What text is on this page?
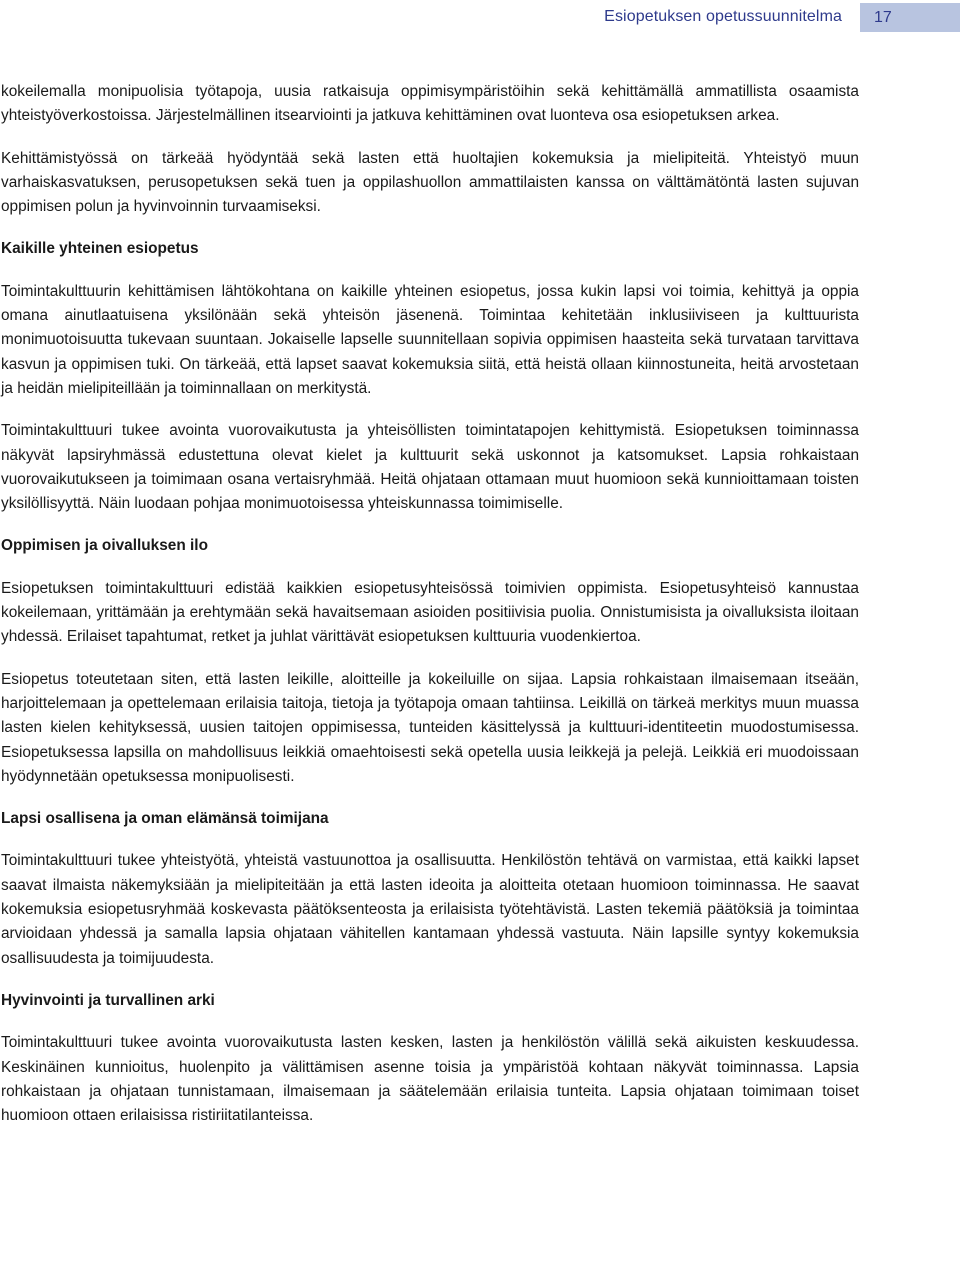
Esiopetuksen opetussuunnitelma	17

kokeilemalla monipuolisia työtapoja, uusia ratkaisuja oppimisympäristöihin sekä kehittämällä ammatillista osaamista yhteistyöverkostoissa. Järjestelmällinen itsearviointi ja jatkuva kehittäminen ovat luonteva osa esiopetuksen arkea.

Kehittämistyössä on tärkeää hyödyntää sekä lasten että huoltajien kokemuksia ja mielipiteitä. Yhteistyö muun varhaiskasvatuksen, perusopetuksen sekä tuen ja oppilashuollon ammattilaisten kanssa on välttämätöntä lasten sujuvan oppimisen polun ja hyvinvoinnin turvaamiseksi.

Kaikille yhteinen esiopetus

Toimintakulttuurin kehittämisen lähtökohtana on kaikille yhteinen esiopetus, jossa kukin lapsi voi toimia, kehittyä ja oppia omana ainutlaatuisena yksilönään sekä yhteisön jäsenenä. Toimintaa kehitetään inklusiiviseen ja kulttuurista monimuotoisuutta tukevaan suuntaan. Jokaiselle lapselle suunnitellaan sopivia oppimisen haasteita sekä turvataan tarvittava kasvun ja oppimisen tuki. On tärkeää, että lapset saavat kokemuksia siitä, että heistä ollaan kiinnostuneita, heitä arvostetaan ja heidän mielipiteillään ja toiminnallaan on merkitystä.

Toimintakulttuuri tukee avointa vuorovaikutusta ja yhteisöllisten toimintatapojen kehittymistä. Esiopetuksen toiminnassa näkyvät lapsiryhmässä edustettuna olevat kielet ja kulttuurit sekä uskonnot ja katsomukset. Lapsia rohkaistaan vuorovaikutukseen ja toimimaan osana vertaisryhmää. Heitä ohjataan ottamaan muut huomioon sekä kunnioittamaan toisten yksilöllisyyttä. Näin luodaan pohjaa monimuotoisessa yhteiskunnassa toimimiselle.

Oppimisen ja oivalluksen ilo

Esiopetuksen toimintakulttuuri edistää kaikkien esiopetusyhteisössä toimivien oppimista. Esiopetusyhteisö kannustaa kokeilemaan, yrittämään ja erehtymään sekä havaitsemaan asioiden positiivisia puolia. Onnistumisista ja oivalluksista iloitaan yhdessä. Erilaiset tapahtumat, retket ja juhlat värittävät esiopetuksen kulttuuria vuodenkiertoa.

Esiopetus toteutetaan siten, että lasten leikille, aloitteille ja kokeiluille on sijaa. Lapsia rohkaistaan ilmaisemaan itseään, harjoittelemaan ja opettelemaan erilaisia taitoja, tietoja ja työtapoja omaan tahtiinsa. Leikillä on tärkeä merkitys muun muassa lasten kielen kehityksessä, uusien taitojen oppimisessa, tunteiden käsittelyssä ja kulttuuri-identiteetin muodostumisessa. Esiopetuksessa lapsilla on mahdollisuus leikkiä omaehtoisesti sekä opetella uusia leikkejä ja pelejä. Leikkiä eri muodoissaan hyödynnetään opetuksessa monipuolisesti.

Lapsi osallisena ja oman elämänsä toimijana

Toimintakulttuuri tukee yhteistyötä, yhteistä vastuunottoa ja osallisuutta. Henkilöstön tehtävä on varmistaa, että kaikki lapset saavat ilmaista näkemyksiään ja mielipiteitään ja että lasten ideoita ja aloitteita otetaan huomioon toiminnassa. He saavat kokemuksia esiopetusryhmää koskevasta päätöksenteosta ja erilaisista työtehtävistä. Lasten tekemiä päätöksiä ja toimintaa arvioidaan yhdessä ja samalla lapsia ohjataan vähitellen kantamaan yhdessä vastuuta. Näin lapsille syntyy kokemuksia osallisuudesta ja toimijuudesta.

Hyvinvointi ja turvallinen arki

Toimintakulttuuri tukee avointa vuorovaikutusta lasten kesken, lasten ja henkilöstön välillä sekä aikuisten keskuudessa. Keskinäinen kunnioitus, huolenpito ja välittämisen asenne toisia ja ympäristöä kohtaan näkyvät toiminnassa. Lapsia rohkaistaan ja ohjataan tunnistamaan, ilmaisemaan ja säätelemään erilaisia tunteita. Lapsia ohjataan toimimaan toiset huomioon ottaen erilaisissa ristiriitatilanteissa.
